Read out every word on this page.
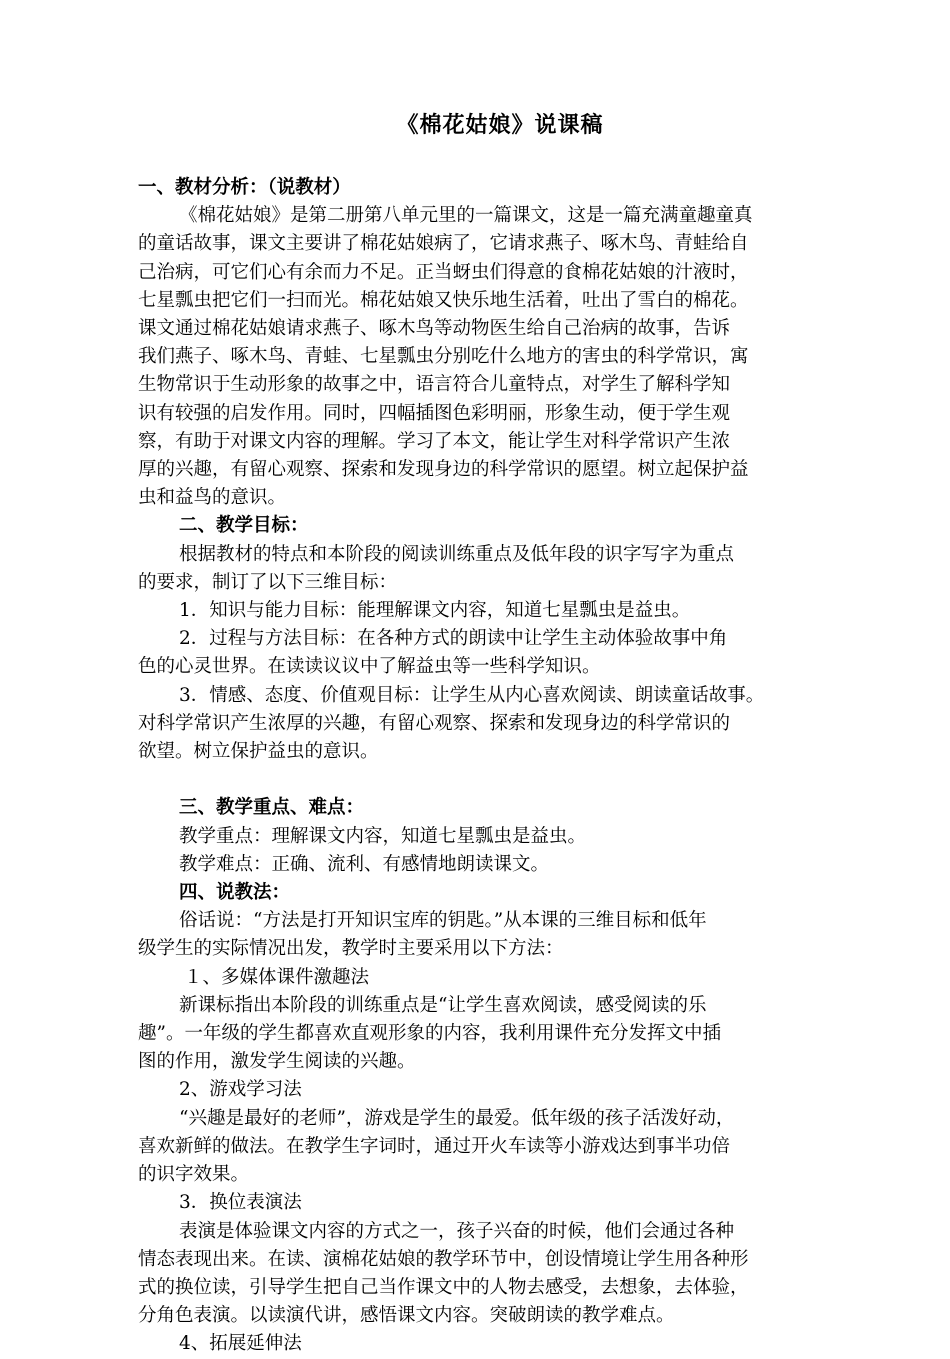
《棉花姑娘》说课稿

一、教材分析：（说教材）

《棉花姑娘》是第二册第八单元里的一篇课文，这是一篇充满童趣童真

的童话故事，课文主要讲了棉花姑娘病了，它请求燕子、啄木鸟、青蛙给自

己治病，可它们心有余而力不足。正当蚜虫们得意的食棉花姑娘的汁液时，

七星瓢虫把它们一扫而光。棉花姑娘又快乐地生活着，吐出了雪白的棉花。

课文通过棉花姑娘请求燕子、啄木鸟等动物医生给自己治病的故事，告诉

我们燕子、啄木鸟、青蛙、七星瓢虫分别吃什么地方的害虫的科学常识，寓

生物常识于生动形象的故事之中，语言符合儿童特点，对学生了解科学知

识有较强的启发作用。同时，四幅插图色彩明丽，形象生动，便于学生观

察，有助于对课文内容的理解。学习了本文，能让学生对科学常识产生浓

厚的兴趣，有留心观察、探索和发现身边的科学常识的愿望。树立起保护益

虫和益鸟的意识。

二、教学目标：

根据教材的特点和本阶段的阅读训练重点及低年段的识字写字为重点

的要求，制订了以下三维目标：

1．知识与能力目标：能理解课文内容，知道七星瓢虫是益虫。

2．过程与方法目标：在各种方式的朗读中让学生主动体验故事中角

色的心灵世界。在读读议议中了解益虫等一些科学知识。

3．情感、态度、价值观目标：让学生从内心喜欢阅读、朗读童话故事。

对科学常识产生浓厚的兴趣，有留心观察、探索和发现身边的科学常识的

欲望。树立保护益虫的意识。

三、教学重点、难点：

教学重点：理解课文内容，知道七星瓢虫是益虫。

教学难点：正确、流利、有感情地朗读课文。

四、说教法：

俗话说：“方法是打开知识宝库的钥匙。”从本课的三维目标和低年

级学生的实际情况出发，教学时主要采用以下方法：

１、多媒体课件激趣法

新课标指出本阶段的训练重点是“让学生喜欢阅读，感受阅读的乐

趣”。一年级的学生都喜欢直观形象的内容，我利用课件充分发挥文中插

图的作用，激发学生阅读的兴趣。

2、游戏学习法

“兴趣是最好的老师”，游戏是学生的最爱。低年级的孩子活泼好动，

喜欢新鲜的做法。在教学生字词时，通过开火车读等小游戏达到事半功倍

的识字效果。

3．换位表演法

表演是体验课文内容的方式之一，孩子兴奋的时候，他们会通过各种

情态表现出来。在读、演棉花姑娘的教学环节中，创设情境让学生用各种形

式的换位读，引导学生把自己当作课文中的人物去感受，去想象，去体验，

分角色表演。以读演代讲，感悟课文内容。突破朗读的教学难点。

4、拓展延伸法
